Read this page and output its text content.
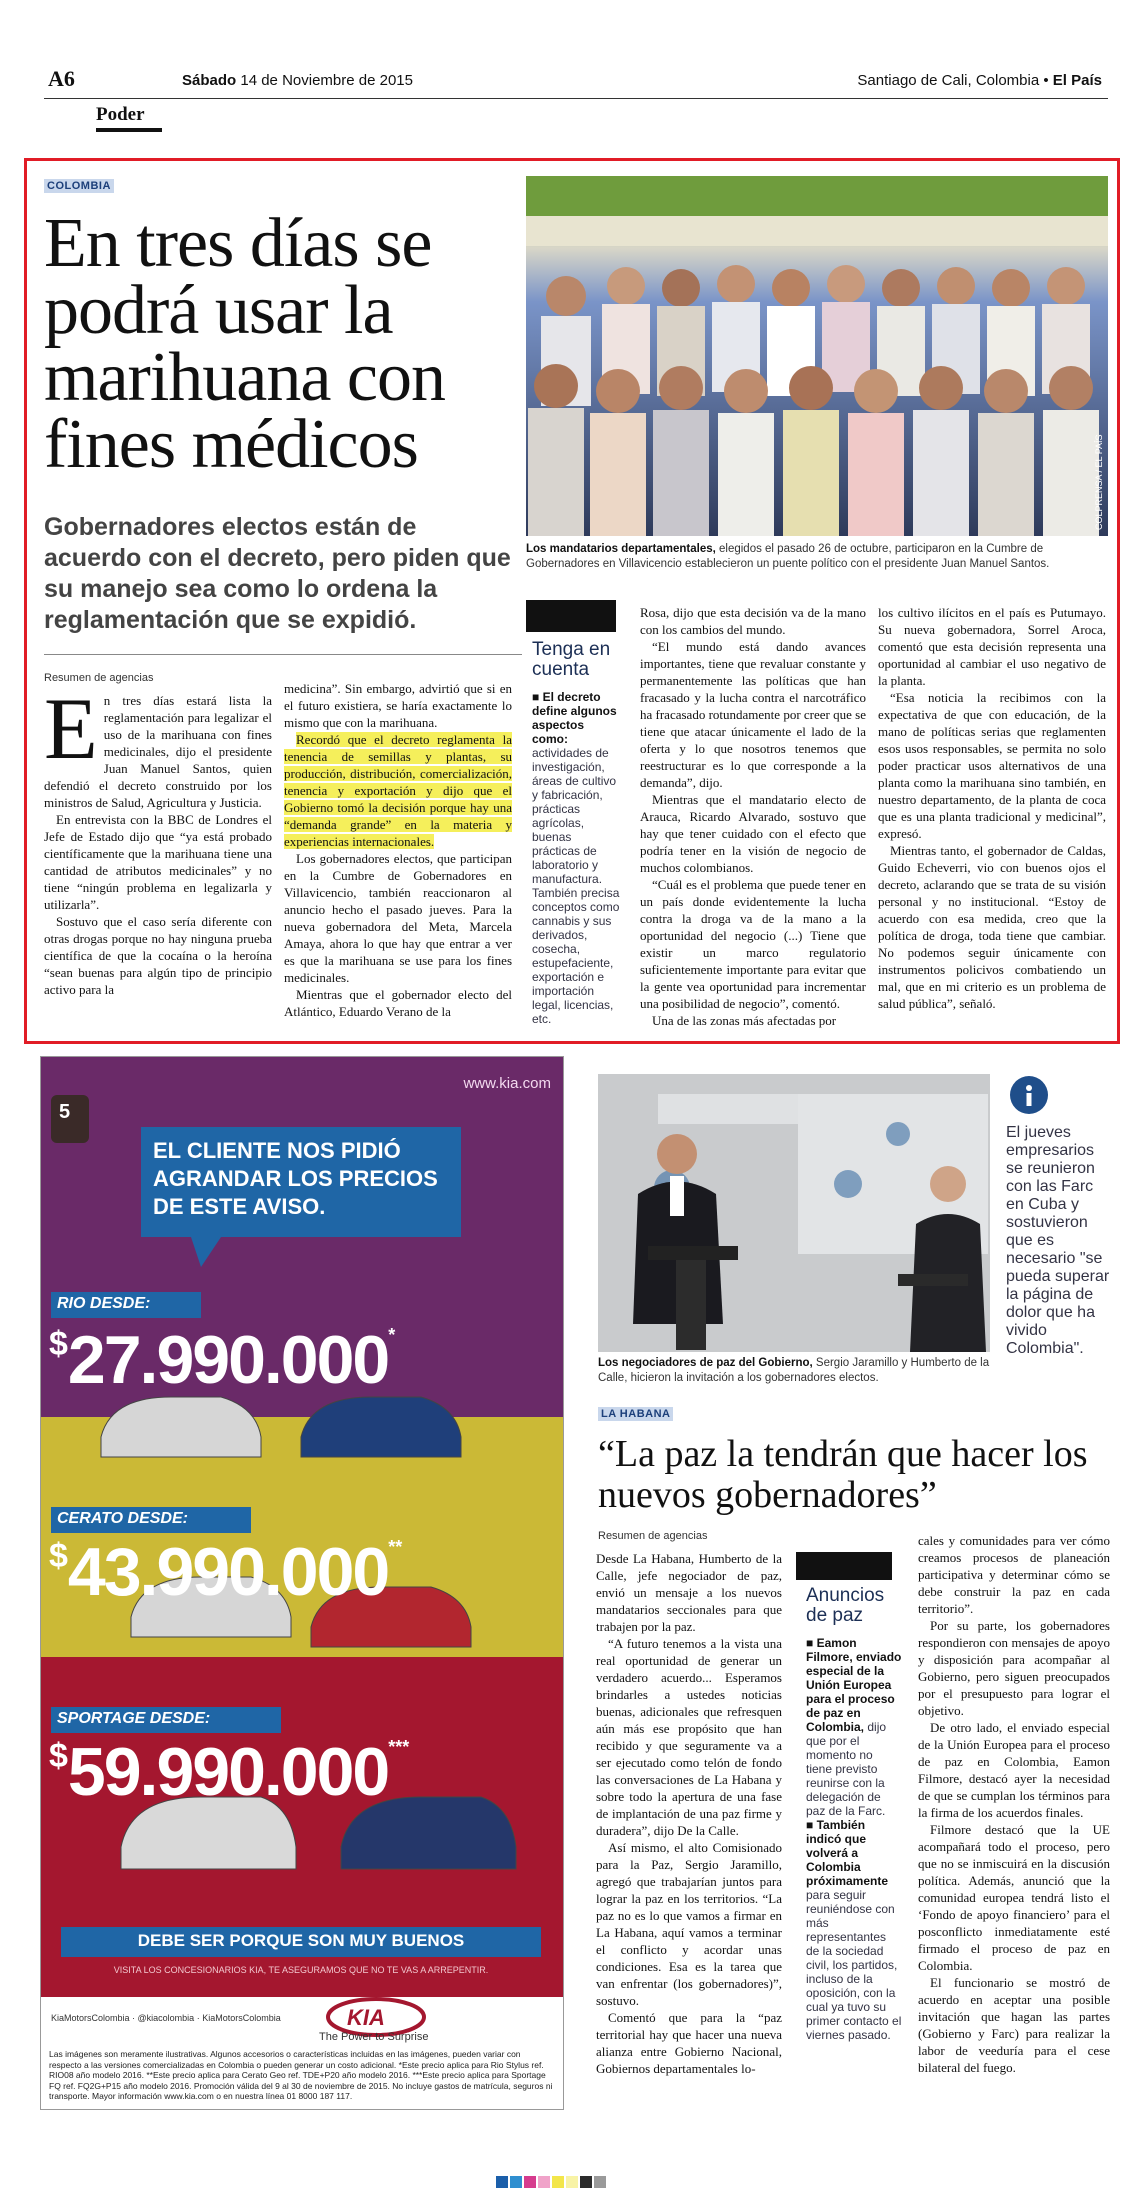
A6	Sábado 14 de Noviembre de 2015	Santiago de Cali, Colombia • El País
Poder
COLOMBIA
En tres días se podrá usar la marihuana con fines médicos
Gobernadores electos están de acuerdo con el decreto, pero piden que su manejo sea como lo ordena la reglamentación que se expidió.
COLPRENSA / EL PAÍS
Los mandatarios departamentales, elegidos el pasado 26 de octubre, participaron en la Cumbre de Gobernadores en Villavicencio establecieron un puente político con el presidente Juan Manuel Santos.
Resumen de agencias

En tres días estará lista la reglamentación para legalizar el uso de la marihuana con fines medicinales, dijo el presidente Juan Manuel Santos, quien defendió el decreto construido por los ministros de Salud, Agricultura y Justicia.

En entrevista con la BBC de Londres el Jefe de Estado dijo que “ya está probado científicamente que la marihuana tiene una cantidad de atributos medicinales” y no tiene “ningún problema en legalizarla y utilizarla”.

Sostuvo que el caso sería diferente con otras drogas porque no hay ninguna prueba científica de que la cocaína o la heroína “sean buenas para algún tipo de principio activo para la

medicina”. Sin embargo, advirtió que si en el futuro existiera, se haría exactamente lo mismo que con la marihuana.

Recordó que el decreto reglamenta la tenencia de semillas y plantas, su producción, distribución, comercialización, tenencia y exportación y dijo que el Gobierno tomó la decisión porque hay una “demanda grande” en la materia y experiencias internacionales.

Los gobernadores electos, que participan en la Cumbre de Gobernadores en Villavicencio, también reaccionaron al anuncio hecho el pasado jueves. Para la nueva gobernadora del Meta, Marcela Amaya, ahora lo que hay que entrar a ver es que la marihuana se use para los fines medicinales.

Mientras que el gobernador electo del Atlántico, Eduardo Verano de la

Tenga en cuenta
■ El decreto define algunos aspectos como: actividades de investigación, áreas de cultivo y fabricación, prácticas agrícolas, buenas prácticas de laboratorio y manufactura. También precisa conceptos como cannabis y sus derivados, cosecha, estupefaciente, exportación e importación legal, licencias, etc.

Rosa, dijo que esta decisión va de la mano con los cambios del mundo.

“El mundo está dando avances importantes, tiene que revaluar constante y permanentemente las políticas que han fracasado y la lucha contra el narcotráfico ha fracasado rotundamente por creer que se tiene que atacar únicamente el lado de la oferta y lo que nosotros tenemos que reestructurar es lo que corresponde a la demanda”, dijo.

Mientras que el mandatario electo de Arauca, Ricardo Alvarado, sostuvo que hay que tener cuidado con el efecto que podría tener en la visión de negocio de muchos colombianos.

“Cuál es el problema que puede tener en un país donde evidentemente la lucha contra la droga va de la mano a la oportunidad del negocio (...) Tiene que existir un marco regulatorio suficientemente importante para evitar que la gente vea oportunidad para incrementar una posibilidad de negocio”, comentó.

Una de las zonas más afectadas por

los cultivo ilícitos en el país es Putumayo. Su nueva gobernadora, Sorrel Aroca, comentó que esta decisión representa una oportunidad al cambiar el uso negativo de la planta.

“Esa noticia la recibimos con la expectativa de que con educación, de la mano de políticas serias que reglamenten esos usos responsables, se permita no solo poder practicar usos alternativos de una planta como la marihuana sino también, en nuestro departamento, de la planta de coca que es una planta tradicional y medicinal”, expresó.

Mientras tanto, el gobernador de Caldas, Guido Echeverri, vio con buenos ojos el decreto, aclarando que se trata de su visión personal y no institucional. “Estoy de acuerdo con esa medida, creo que la política de droga, toda tiene que cambiar. No podemos seguir únicamente con instrumentos policivos combatiendo un mal, que en mi criterio es un problema de salud pública”, señaló.

www.kia.com
5
EL CLIENTE NOS PIDIÓ AGRANDAR LOS PRECIOS DE ESTE AVISO.
RIO DESDE:
$27.990.000*
CERATO DESDE:
$43.990.000**
SPORTAGE DESDE:
$59.990.000***
DEBE SER PORQUE SON MUY BUENOS
VISITA LOS CONCESIONARIOS KIA, TE ASEGURAMOS QUE NO TE VAS A ARREPENTIR.
KiaMotorsColombia · @kiacolombia · KiaMotorsColombia	KIA
The Power to Surprise
Las imágenes son meramente ilustrativas. Algunos accesorios o características incluidas en las imágenes, pueden variar con respecto a las versiones comercializadas en Colombia o pueden generar un costo adicional. *Este precio aplica para Rio Stylus ref. RIO08 año modelo 2016. **Este precio aplica para Cerato Geo ref. TDE+P20 año modelo 2016. ***Este precio aplica para Sportage FQ ref. FQ2G+P15 año modelo 2016. Promoción válida del 9 al 30 de noviembre de 2015. No incluye gastos de matrícula, seguros ni transporte. Mayor información www.kia.com o en nuestra línea 01 8000 187 117.
El jueves empresarios se reunieron con las Farc en Cuba y sostuvieron que es necesario "se pueda superar la página de dolor que ha vivido Colombia".
Los negociadores de paz del Gobierno, Sergio Jaramillo y Humberto de la Calle, hicieron la invitación a los gobernadores electos.
LA HABANA
“La paz la tendrán que hacer los nuevos gobernadores”
Resumen de agencias

Desde La Habana, Humberto de la Calle, jefe negociador de paz, envió un mensaje a los nuevos mandatarios seccionales para que trabajen por la paz.

“A futuro tenemos a la vista una real oportunidad de generar un verdadero acuerdo... Esperamos brindarles a ustedes noticias buenas, adicionales que refresquen aún más ese propósito que han recibido y que seguramente va a ser ejecutado como telón de fondo las conversaciones de La Habana y sobre todo la apertura de una fase de implantación de una paz firme y duradera”, dijo De la Calle.

Así mismo, el alto Comisionado para la Paz, Sergio Jaramillo, agregó que trabajarían juntos para lograr la paz en los territorios. “La paz no es lo que vamos a firmar en La Habana, aquí vamos a terminar el conflicto y acordar unas condiciones. Esa es la tarea que van enfrentar (los gobernadores)”, sostuvo.

Comentó que para la “paz territorial hay que hacer una nueva alianza entre Gobierno Nacional, Gobiernos departamentales lo-

Anuncios de paz
■ Eamon Filmore, enviado especial de la Unión Europea para el proceso de paz en Colombia, dijo que por el momento no tiene previsto reunirse con la delegación de paz de la Farc.
■ También indicó que volverá a Colombia próximamente para seguir reuniéndose con más representantes de la sociedad civil, los partidos, incluso de la oposición, con la cual ya tuvo su primer contacto el viernes pasado.

cales y comunidades para ver cómo creamos procesos de planeación participativa y determinar cómo se debe construir la paz en cada territorio”.

Por su parte, los gobernadores respondieron con mensajes de apoyo y disposición para acompañar al Gobierno, pero siguen preocupados por el presupuesto para lograr el objetivo.

De otro lado, el enviado especial de la Unión Europea para el proceso de paz en Colombia, Eamon Filmore, destacó ayer la necesidad de que se cumplan los términos para la firma de los acuerdos finales.

Filmore destacó que la UE acompañará todo el proceso, pero que no se inmiscuirá en la discusión política. Además, anunció que la comunidad europea tendrá listo el ‘Fondo de apoyo financiero’ para el posconflicto inmediatamente esté firmado el proceso de paz en Colombia.

El funcionario se mostró de acuerdo en aceptar una posible invitación que hagan las partes (Gobierno y Farc) para realizar la labor de veeduría para el cese bilateral del fuego.
